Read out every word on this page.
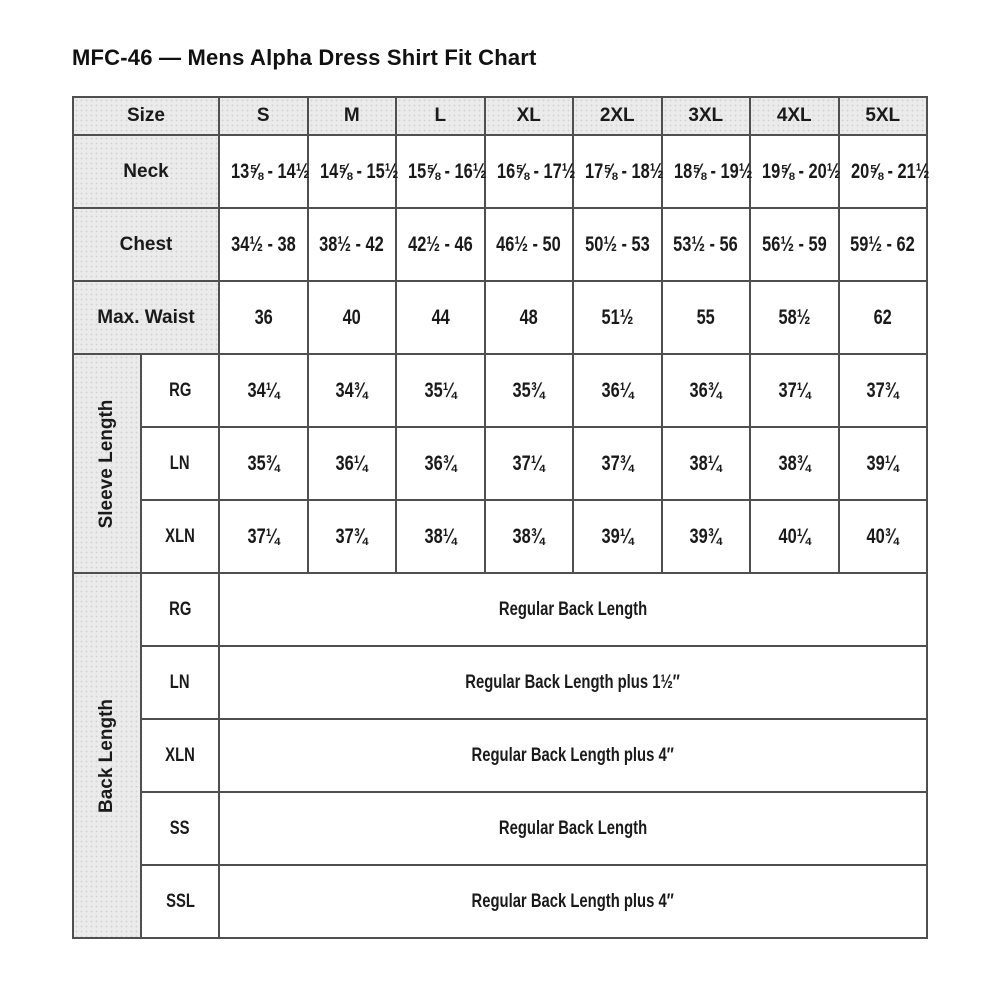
MFC-46 — Mens Alpha Dress Shirt Fit Chart
Size		S	M	L	XL	2XL	3XL	4XL	5XL
Neck		13⅝ - 14½	14⅝ - 15½	15⅝ - 16½	16⅝ - 17½	17⅝ - 18½	18⅝ - 19½	19⅝ - 20½	20⅝ - 21½
Chest		34½ - 38	38½ - 42	42½ - 46	46½ - 50	50½ - 53	53½ - 56	56½ - 59	59½ - 62
Max. Waist		36	40	44	48	51½	55	58½	62

Sleeve Length	RG	34¼	34¾	35¼	35¾	36¼	36¾	37¼	37¾
	LN	35¾	36¼	36¾	37¼	37¾	38¼	38¾	39¼
	XLN	37¼	37¾	38¼	38¾	39¼	39¾	40¼	40¾

Back Length	RG	Regular Back Length							
	LN	Regular Back Length plus 1½″							
	XLN	Regular Back Length plus 4″							
	SS	Regular Back Length							
	SSL	Regular Back Length plus 4″							
